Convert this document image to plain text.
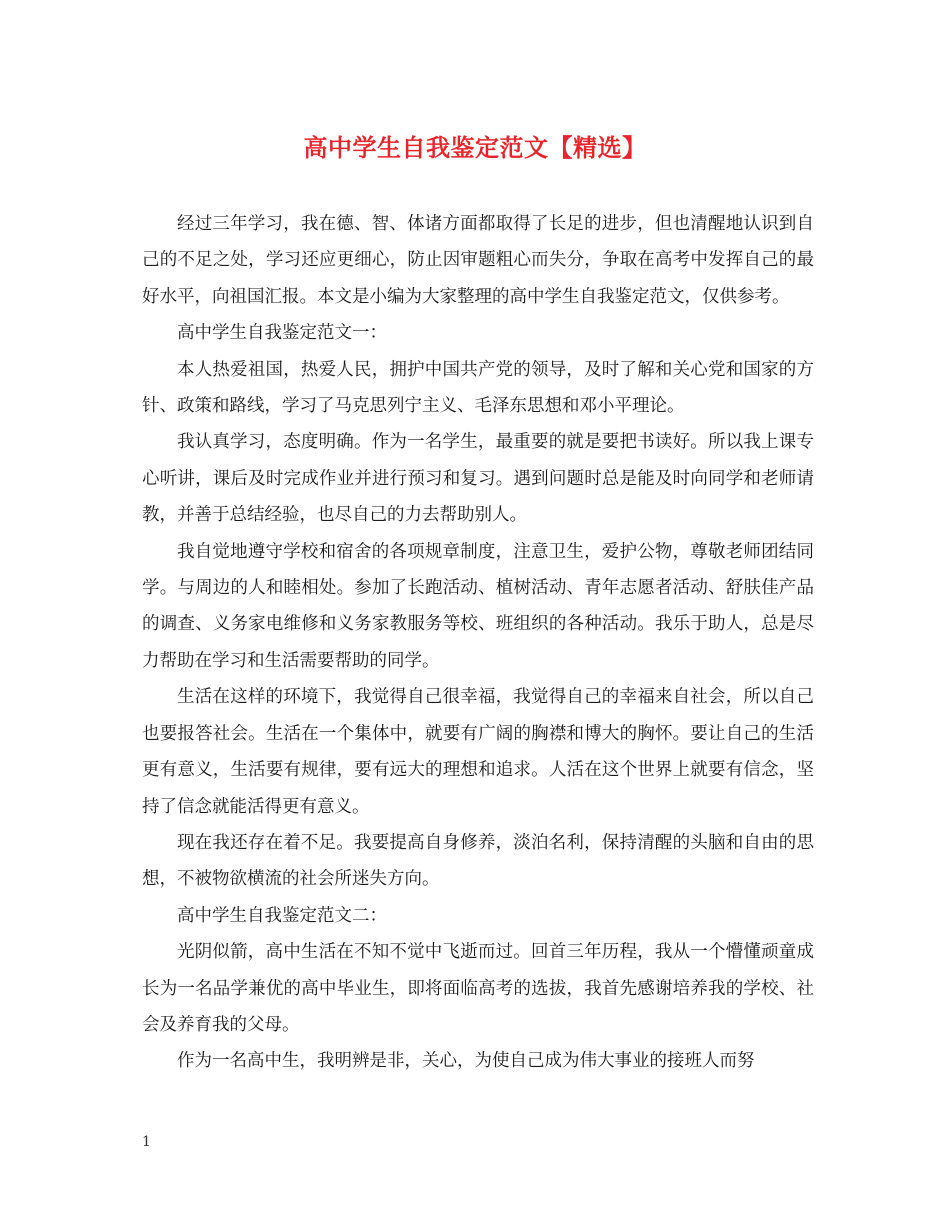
高中学生自我鉴定范文【精选】

经过三年学习，我在德、智、体诸方面都取得了长足的进步，但也清醒地认识到自己的不足之处，学习还应更细心，防止因审题粗心而失分，争取在高考中发挥自己的最好水平，向祖国汇报。本文是小编为大家整理的高中学生自我鉴定范文，仅供参考。

高中学生自我鉴定范文一：

本人热爱祖国，热爱人民，拥护中国共产党的领导，及时了解和关心党和国家的方针、政策和路线，学习了马克思列宁主义、毛泽东思想和邓小平理论。

我认真学习，态度明确。作为一名学生，最重要的就是要把书读好。所以我上课专心听讲，课后及时完成作业并进行预习和复习。遇到问题时总是能及时向同学和老师请教，并善于总结经验，也尽自己的力去帮助别人。

我自觉地遵守学校和宿舍的各项规章制度，注意卫生，爱护公物，尊敬老师团结同学。与周边的人和睦相处。参加了长跑活动、植树活动、青年志愿者活动、舒肤佳产品的调查、义务家电维修和义务家教服务等校、班组织的各种活动。我乐于助人，总是尽力帮助在学习和生活需要帮助的同学。

生活在这样的环境下，我觉得自己很幸福，我觉得自己的幸福来自社会，所以自己也要报答社会。生活在一个集体中，就要有广阔的胸襟和博大的胸怀。要让自己的生活更有意义，生活要有规律，要有远大的理想和追求。人活在这个世界上就要有信念，坚持了信念就能活得更有意义。

现在我还存在着不足。我要提高自身修养，淡泊名利，保持清醒的头脑和自由的思想，不被物欲横流的社会所迷失方向。

高中学生自我鉴定范文二：

光阴似箭，高中生活在不知不觉中飞逝而过。回首三年历程，我从一个懵懂顽童成长为一名品学兼优的高中毕业生，即将面临高考的选拔，我首先感谢培养我的学校、社会及养育我的父母。

作为一名高中生，我明辨是非，关心，为使自己成为伟大事业的接班人而努

1
